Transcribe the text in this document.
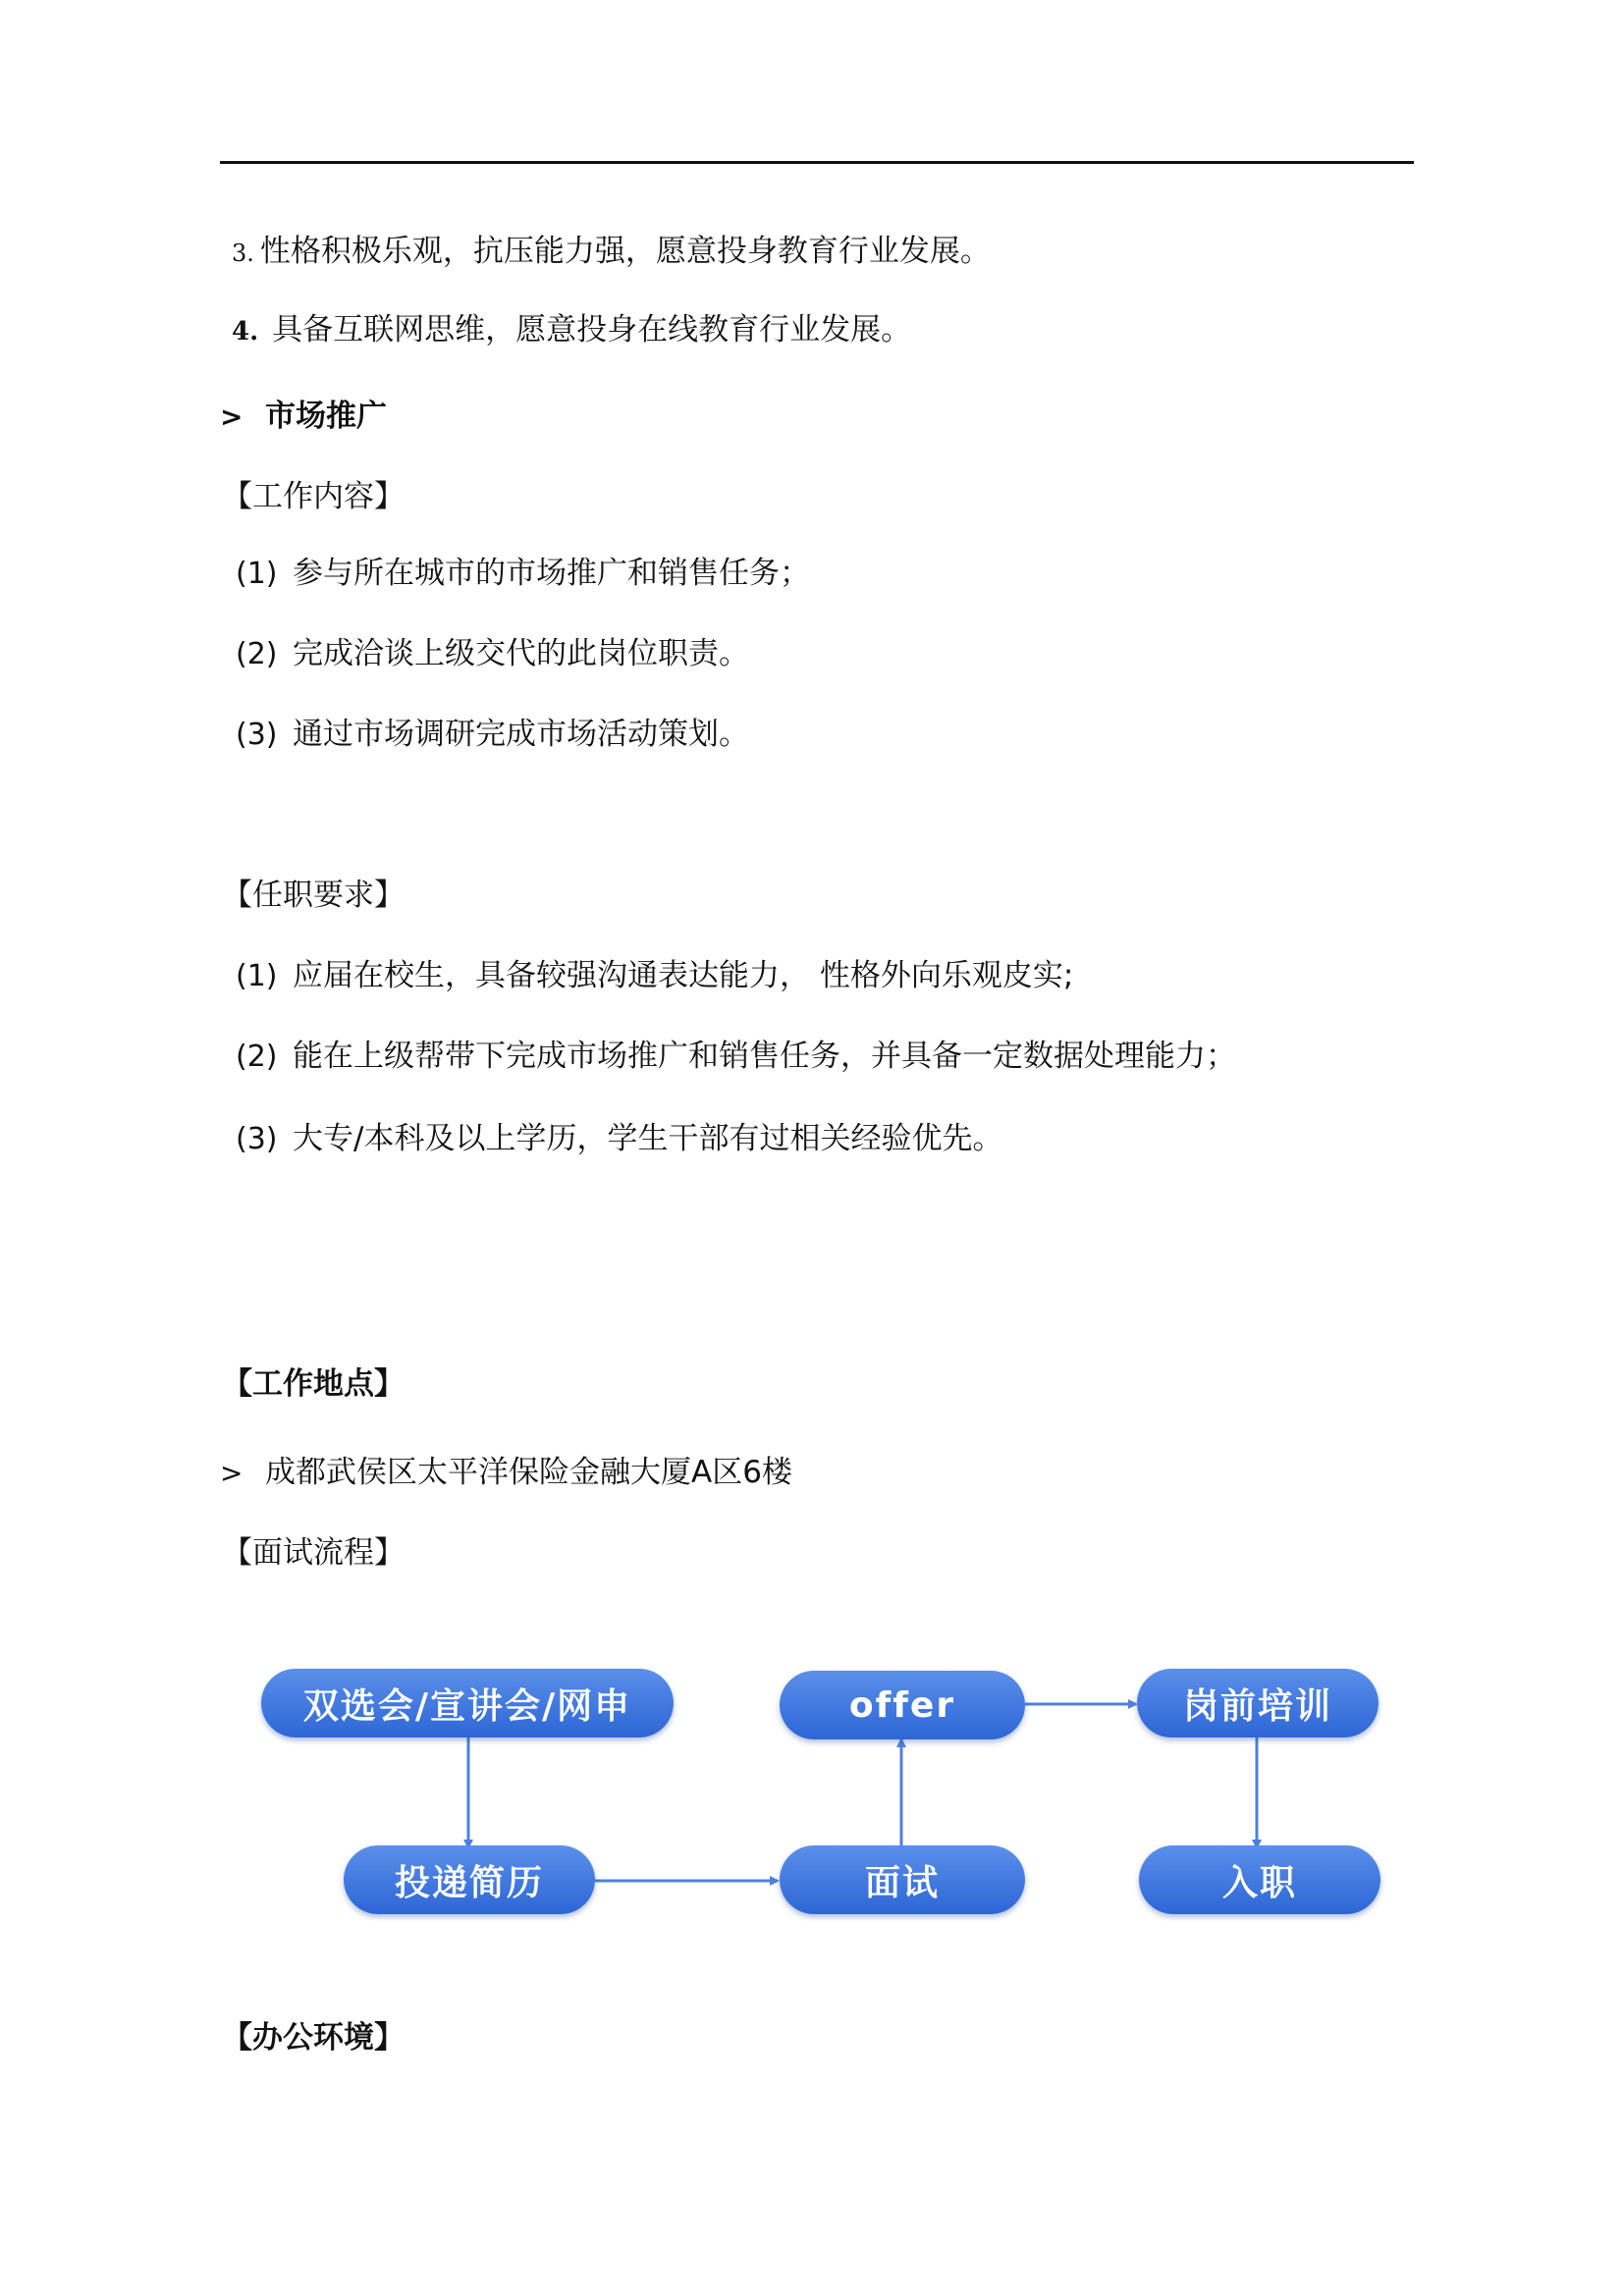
3. 性格积极乐观，抗压能力强，愿意投身教育行业发展。
4. 具备互联网思维，愿意投身在线教育行业发展。
> 市场推广
【工作内容】
(1) 参与所在城市的市场推广和销售任务；
(2) 完成洽谈上级交代的此岗位职责。
(3) 通过市场调研完成市场活动策划。
【任职要求】
(1) 应届在校生，具备较强沟通表达能力， 性格外向乐观皮实;
(2) 能在上级帮带下完成市场推广和销售任务，并具备一定数据处理能力；
(3) 大专/本科及以上学历，学生干部有过相关经验优先。
【工作地点】
> 成都武侯区太平洋保险金融大厦A区6楼
【面试流程】
双选会/宣讲会/网申
投递简历	面试
offer	岗前培训
入职
【办公环境】
